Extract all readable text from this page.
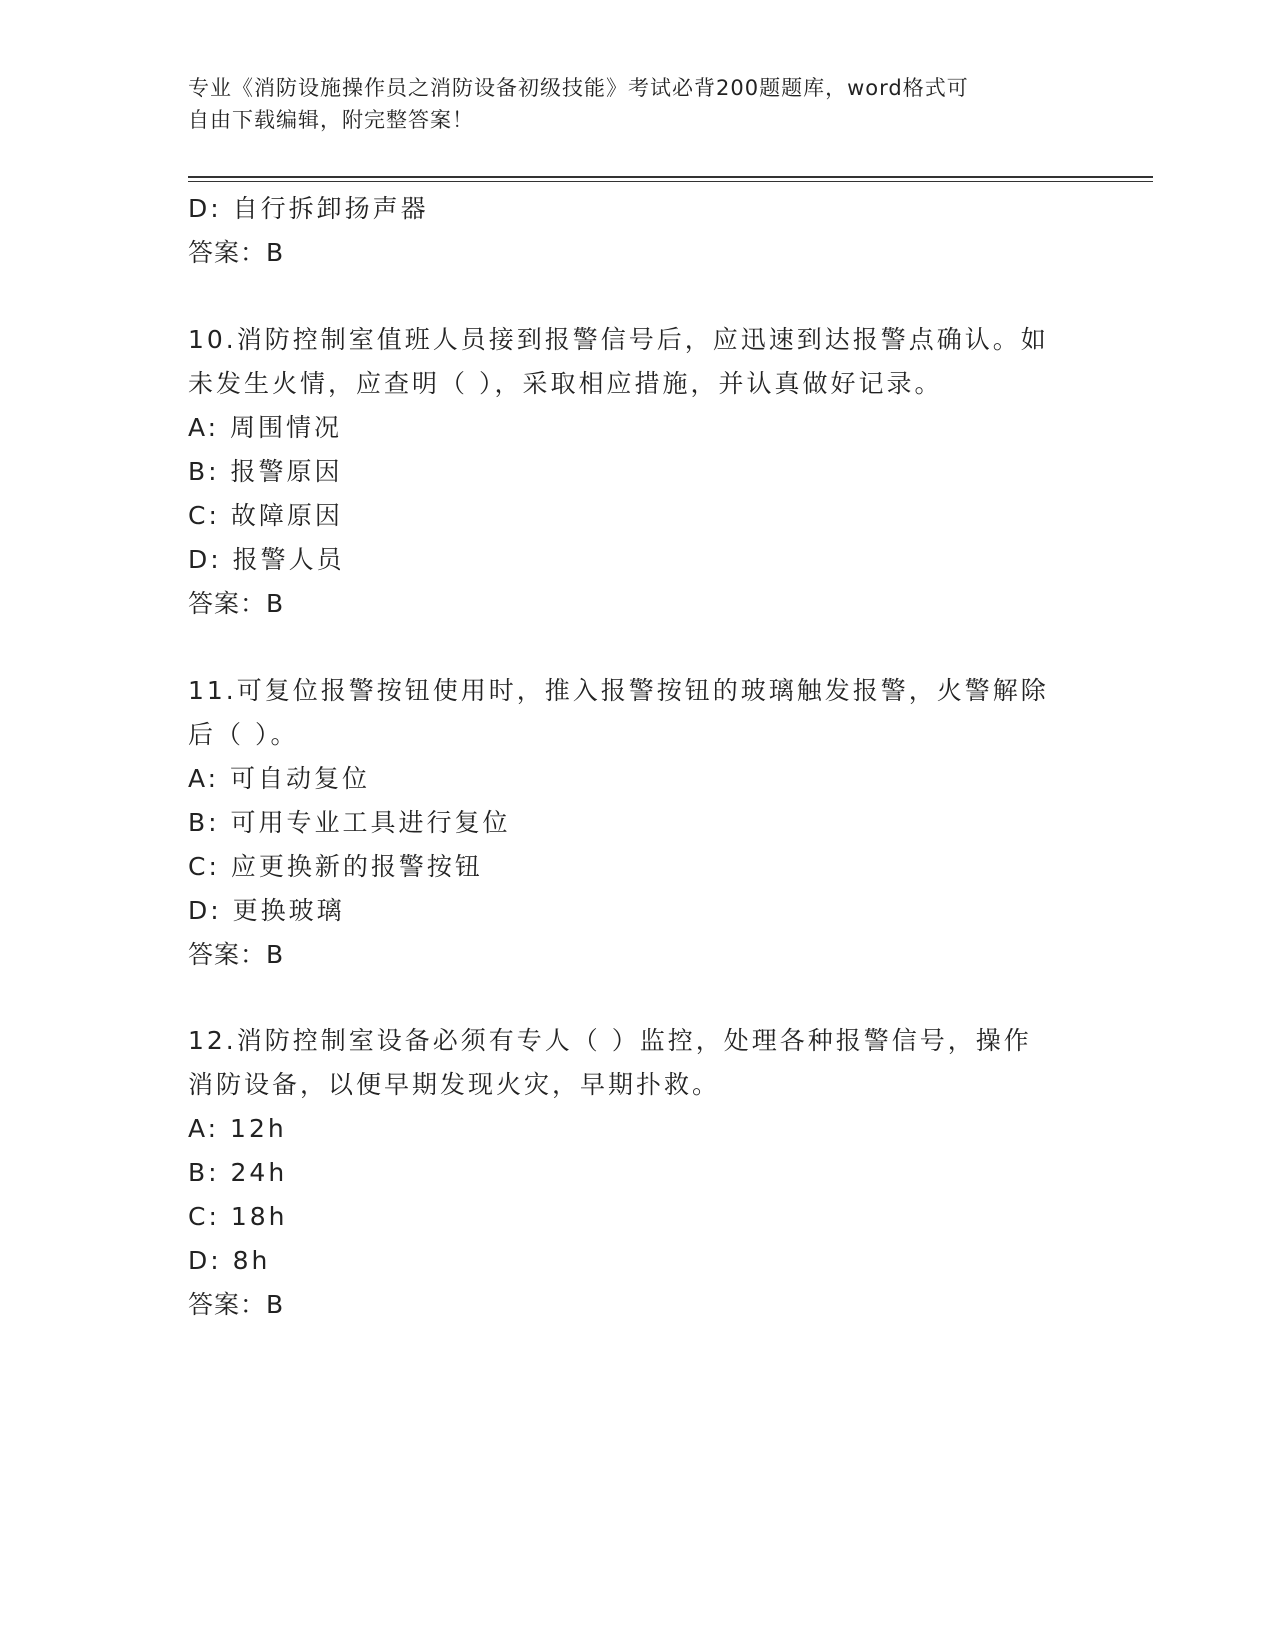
专业《消防设施操作员之消防设备初级技能》考试必背200题题库，word格式可
自由下载编辑，附完整答案！
D: 自行拆卸扬声器
答案：B
10.消防控制室值班人员接到报警信号后，应迅速到达报警点确认。如
未发生火情，应查明（ ），采取相应措施，并认真做好记录。
A: 周围情况
B: 报警原因
C: 故障原因
D: 报警人员
答案：B
11.可复位报警按钮使用时，推入报警按钮的玻璃触发报警，火警解除
后（ ）。
A: 可自动复位
B: 可用专业工具进行复位
C: 应更换新的报警按钮
D: 更换玻璃
答案：B
12.消防控制室设备必须有专人（ ）监控，处理各种报警信号，操作
消防设备，以便早期发现火灾，早期扑救。
A: 12h
B: 24h
C: 18h
D: 8h
答案：B
